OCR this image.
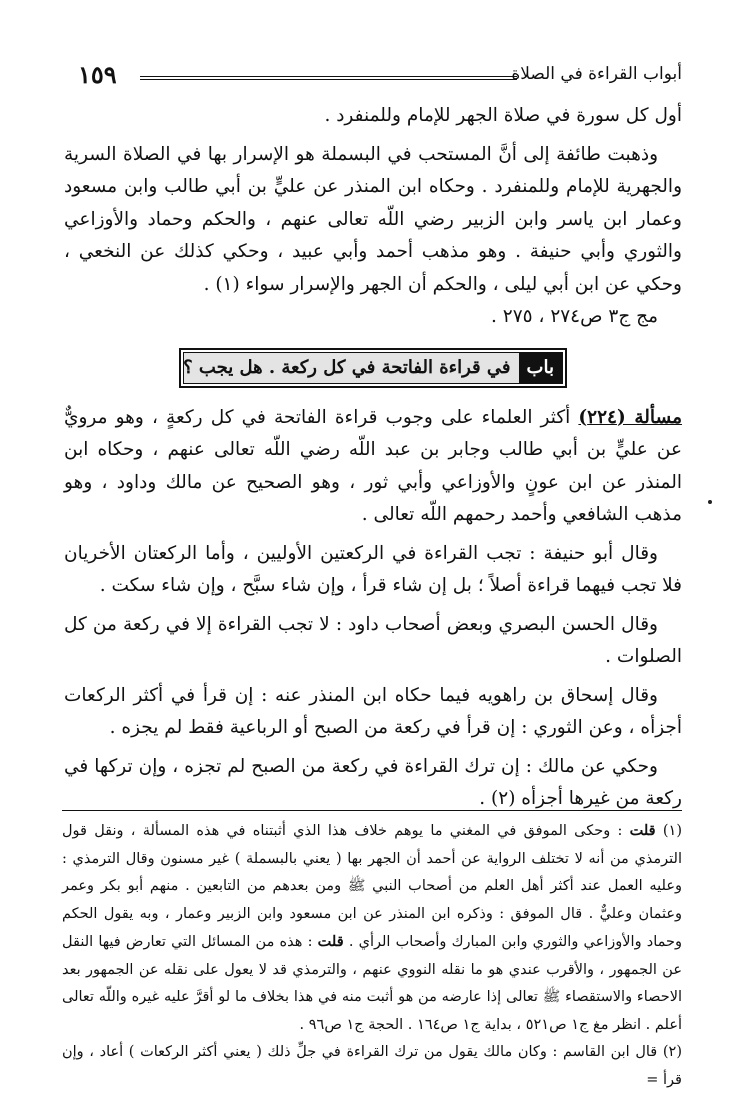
أبواب القراءة في الصلاة
١٥٩

أول كل سورة في صلاة الجهر للإمام وللمنفرد .

وذهبت طائفة إلى أنَّ المستحب في البسملة هو الإسرار بها في الصلاة السرية والجهرية للإمام وللمنفرد . وحكاه ابن المنذر عن عليٍّ بن أبي طالب وابن مسعود وعمار ابن ياسر وابن الزبير رضي اللّه تعالى عنهم ، والحكم وحماد والأوزاعي والثوري وأبي حنيفة . وهو مذهب أحمد وأبي عبيد ، وحكي كذلك عن النخعي ، وحكي عن ابن أبي ليلى ، والحكم أن الجهر والإسرار سواء (١) .

مج ج٣ ص٢٧٤ ، ٢٧٥ .

باب
في قراءة الفاتحة في كل ركعة . هل يجب ؟

مسألة (٢٢٤) أكثر العلماء على وجوب قراءة الفاتحة في كل ركعةٍ ، وهو مرويٌّ عن عليٍّ بن أبي طالب وجابر بن عبد اللّه رضي اللّه تعالى عنهم ، وحكاه ابن المنذر عن ابن عونٍ والأوزاعي وأبي ثور ، وهو الصحيح عن مالك وداود ، وهو مذهب الشافعي وأحمد رحمهم اللّه تعالى .

وقال أبو حنيفة : تجب القراءة في الركعتين الأوليين ، وأما الركعتان الأخريان فلا تجب فيهما قراءة أصلاً ؛ بل إن شاء قرأ ، وإن شاء سبَّح ، وإن شاء سكت .

وقال الحسن البصري وبعض أصحاب داود : لا تجب القراءة إلا في ركعة من كل الصلوات .

وقال إسحاق بن راهويه فيما حكاه ابن المنذر عنه : إن قرأ في أكثر الركعات أجزأه ، وعن الثوري : إن قرأ في ركعة من الصبح أو الرباعية فقط لم يجزه .

وحكي عن مالك : إن ترك القراءة في ركعة من الصبح لم تجزه ، وإن تركها في ركعة من غيرها أجزأه (٢) .

(١) قلت : وحكى الموفق في المغني ما يوهم خلاف هذا الذي أثبتناه في هذه المسألة ، ونقل قول الترمذي من أنه لا تختلف الرواية عن أحمد أن الجهر بها ( يعني بالبسملة ) غير مسنون وقال الترمذي : وعليه العمل عند أكثر أهل العلم من أصحاب النبي ﷺ ومن بعدهم من التابعين . منهم أبو بكر وعمر وعثمان وعليٌّ . قال الموفق : وذكره ابن المنذر عن ابن مسعود وابن الزبير وعمار ، وبه يقول الحكم وحماد والأوزاعي والثوري وابن المبارك وأصحاب الرأي . قلت : هذه من المسائل التي تعارض فيها النقل عن الجمهور ، والأقرب عندي هو ما نقله النووي عنهم ، والترمذي قد لا يعول على نقله عن الجمهور بعد الاحصاء والاستقصاء ﷺ تعالى إذا عارضه من هو أثبت منه في هذا بخلاف ما لو أقرَّ عليه غيره واللّه تعالى أعلم . انظر مغ ج١ ص٥٢١ ، بداية ج١ ص١٦٤ . الحجة ج١ ص٩٦ .

(٢) قال ابن القاسم : وكان مالك يقول من ترك القراءة في جلِّ ذلك ( يعني أكثر الركعات ) أعاد ، وإن قرأ =
